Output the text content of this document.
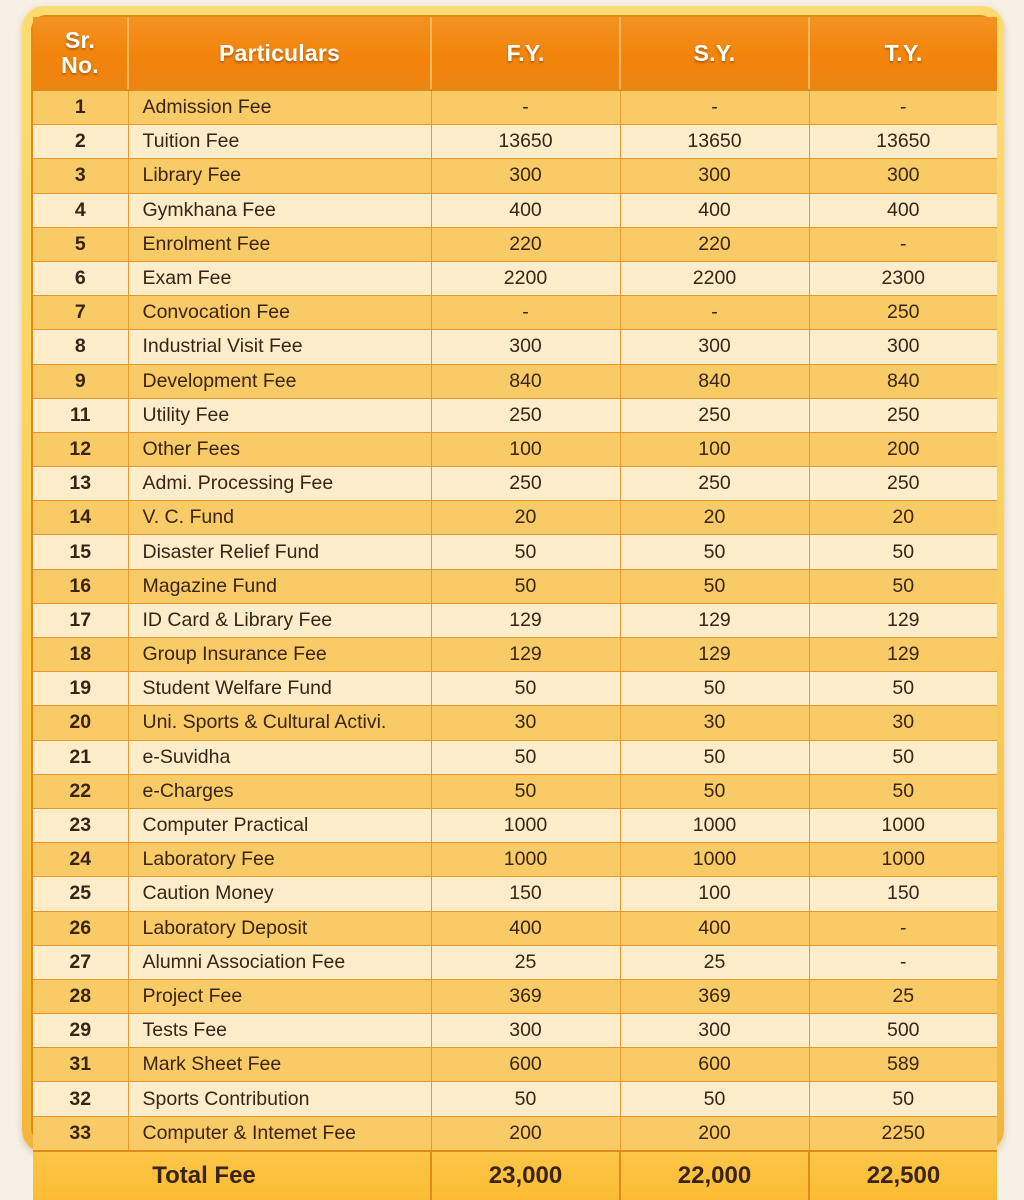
Sr.
No.	Particulars	F.Y.	S.Y.	T.Y.
1	Admission Fee	-	-	-
2	Tuition Fee	13650	13650	13650
3	Library Fee	300	300	300
4	Gymkhana Fee	400	400	400
5	Enrolment Fee	220	220	-
6	Exam Fee	2200	2200	2300
7	Convocation Fee	-	-	250
8	Industrial Visit Fee	300	300	300
9	Development Fee	840	840	840
11	Utility Fee	250	250	250
12	Other Fees	100	100	200
13	Admi. Processing Fee	250	250	250
14	V. C. Fund	20	20	20
15	Disaster Relief Fund	50	50	50
16	Magazine Fund	50	50	50
17	ID Card & Library Fee	129	129	129
18	Group Insurance Fee	129	129	129
19	Student Welfare Fund	50	50	50
20	Uni. Sports & Cultural Activi.	30	30	30
21	e-Suvidha	50	50	50
22	e-Charges	50	50	50
23	Computer Practical	1000	1000	1000
24	Laboratory Fee	1000	1000	1000
25	Caution Money	150	100	150
26	Laboratory Deposit	400	400	-
27	Alumni Association Fee	25	25	-
28	Project Fee	369	369	25
29	Tests Fee	300	300	500
31	Mark Sheet Fee	600	600	589
32	Sports Contribution	50	50	50
33	Computer & Intemet Fee	200	200	2250
Total Fee		23,000	22,000	22,500
